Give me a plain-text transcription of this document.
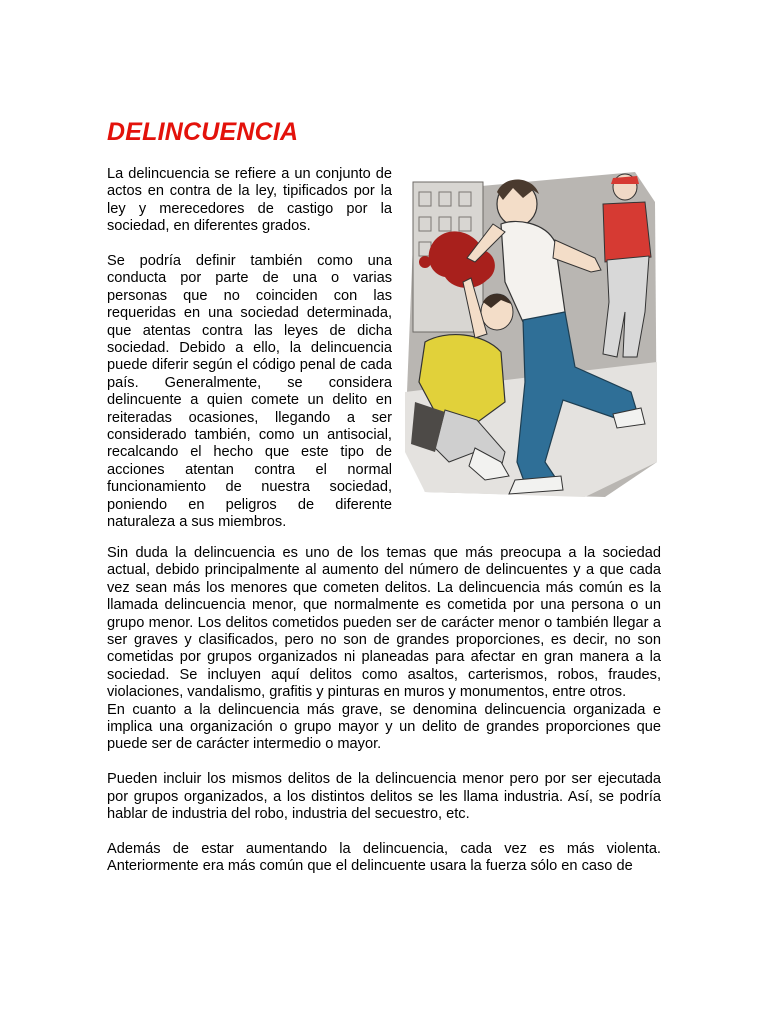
DELINCUENCIA

La delincuencia se refiere a un conjunto de actos en contra de la ley, tipificados por la ley y merecedores de castigo por la sociedad, en diferentes grados.

Se podría definir también como una conducta por parte de una o varias personas que no coinciden con las requeridas en una sociedad determinada, que atentas contra las leyes de dicha sociedad. Debido a ello, la delincuencia puede diferir según el código penal de cada país. Generalmente, se considera delincuente a quien comete un delito en reiteradas ocasiones, llegando a ser considerado también, como un antisocial, recalcando el hecho que este tipo de acciones atentan contra el normal funcionamiento de nuestra sociedad, poniendo en peligros de diferente naturaleza a sus miembros.

Sin duda la delincuencia es uno de los temas que más preocupa a la sociedad actual, debido principalmente al aumento del número de delincuentes y a que cada vez sean más los menores que cometen delitos. La delincuencia más común es la llamada delincuencia menor, que normalmente es cometida por una persona o un grupo menor. Los delitos cometidos pueden ser de carácter menor o también llegar a ser graves y clasificados, pero no son de grandes proporciones, es decir, no son cometidas por grupos organizados ni planeadas para afectar en gran manera a la sociedad. Se incluyen aquí delitos como asaltos, carterismos, robos, fraudes, violaciones, vandalismo, grafitis y pinturas en muros y monumentos, entre otros.

En cuanto a la delincuencia más grave, se denomina delincuencia organizada e implica una organización o grupo mayor y un delito de grandes proporciones que puede ser de carácter intermedio o mayor.

Pueden incluir los mismos delitos de la delincuencia menor pero por ser ejecutada por grupos organizados, a los distintos delitos se les llama industria. Así, se podría hablar de industria del robo, industria del secuestro, etc.

Además de estar aumentando la delincuencia, cada vez es más violenta. Anteriormente era más común que el delincuente usara la fuerza sólo en caso de
